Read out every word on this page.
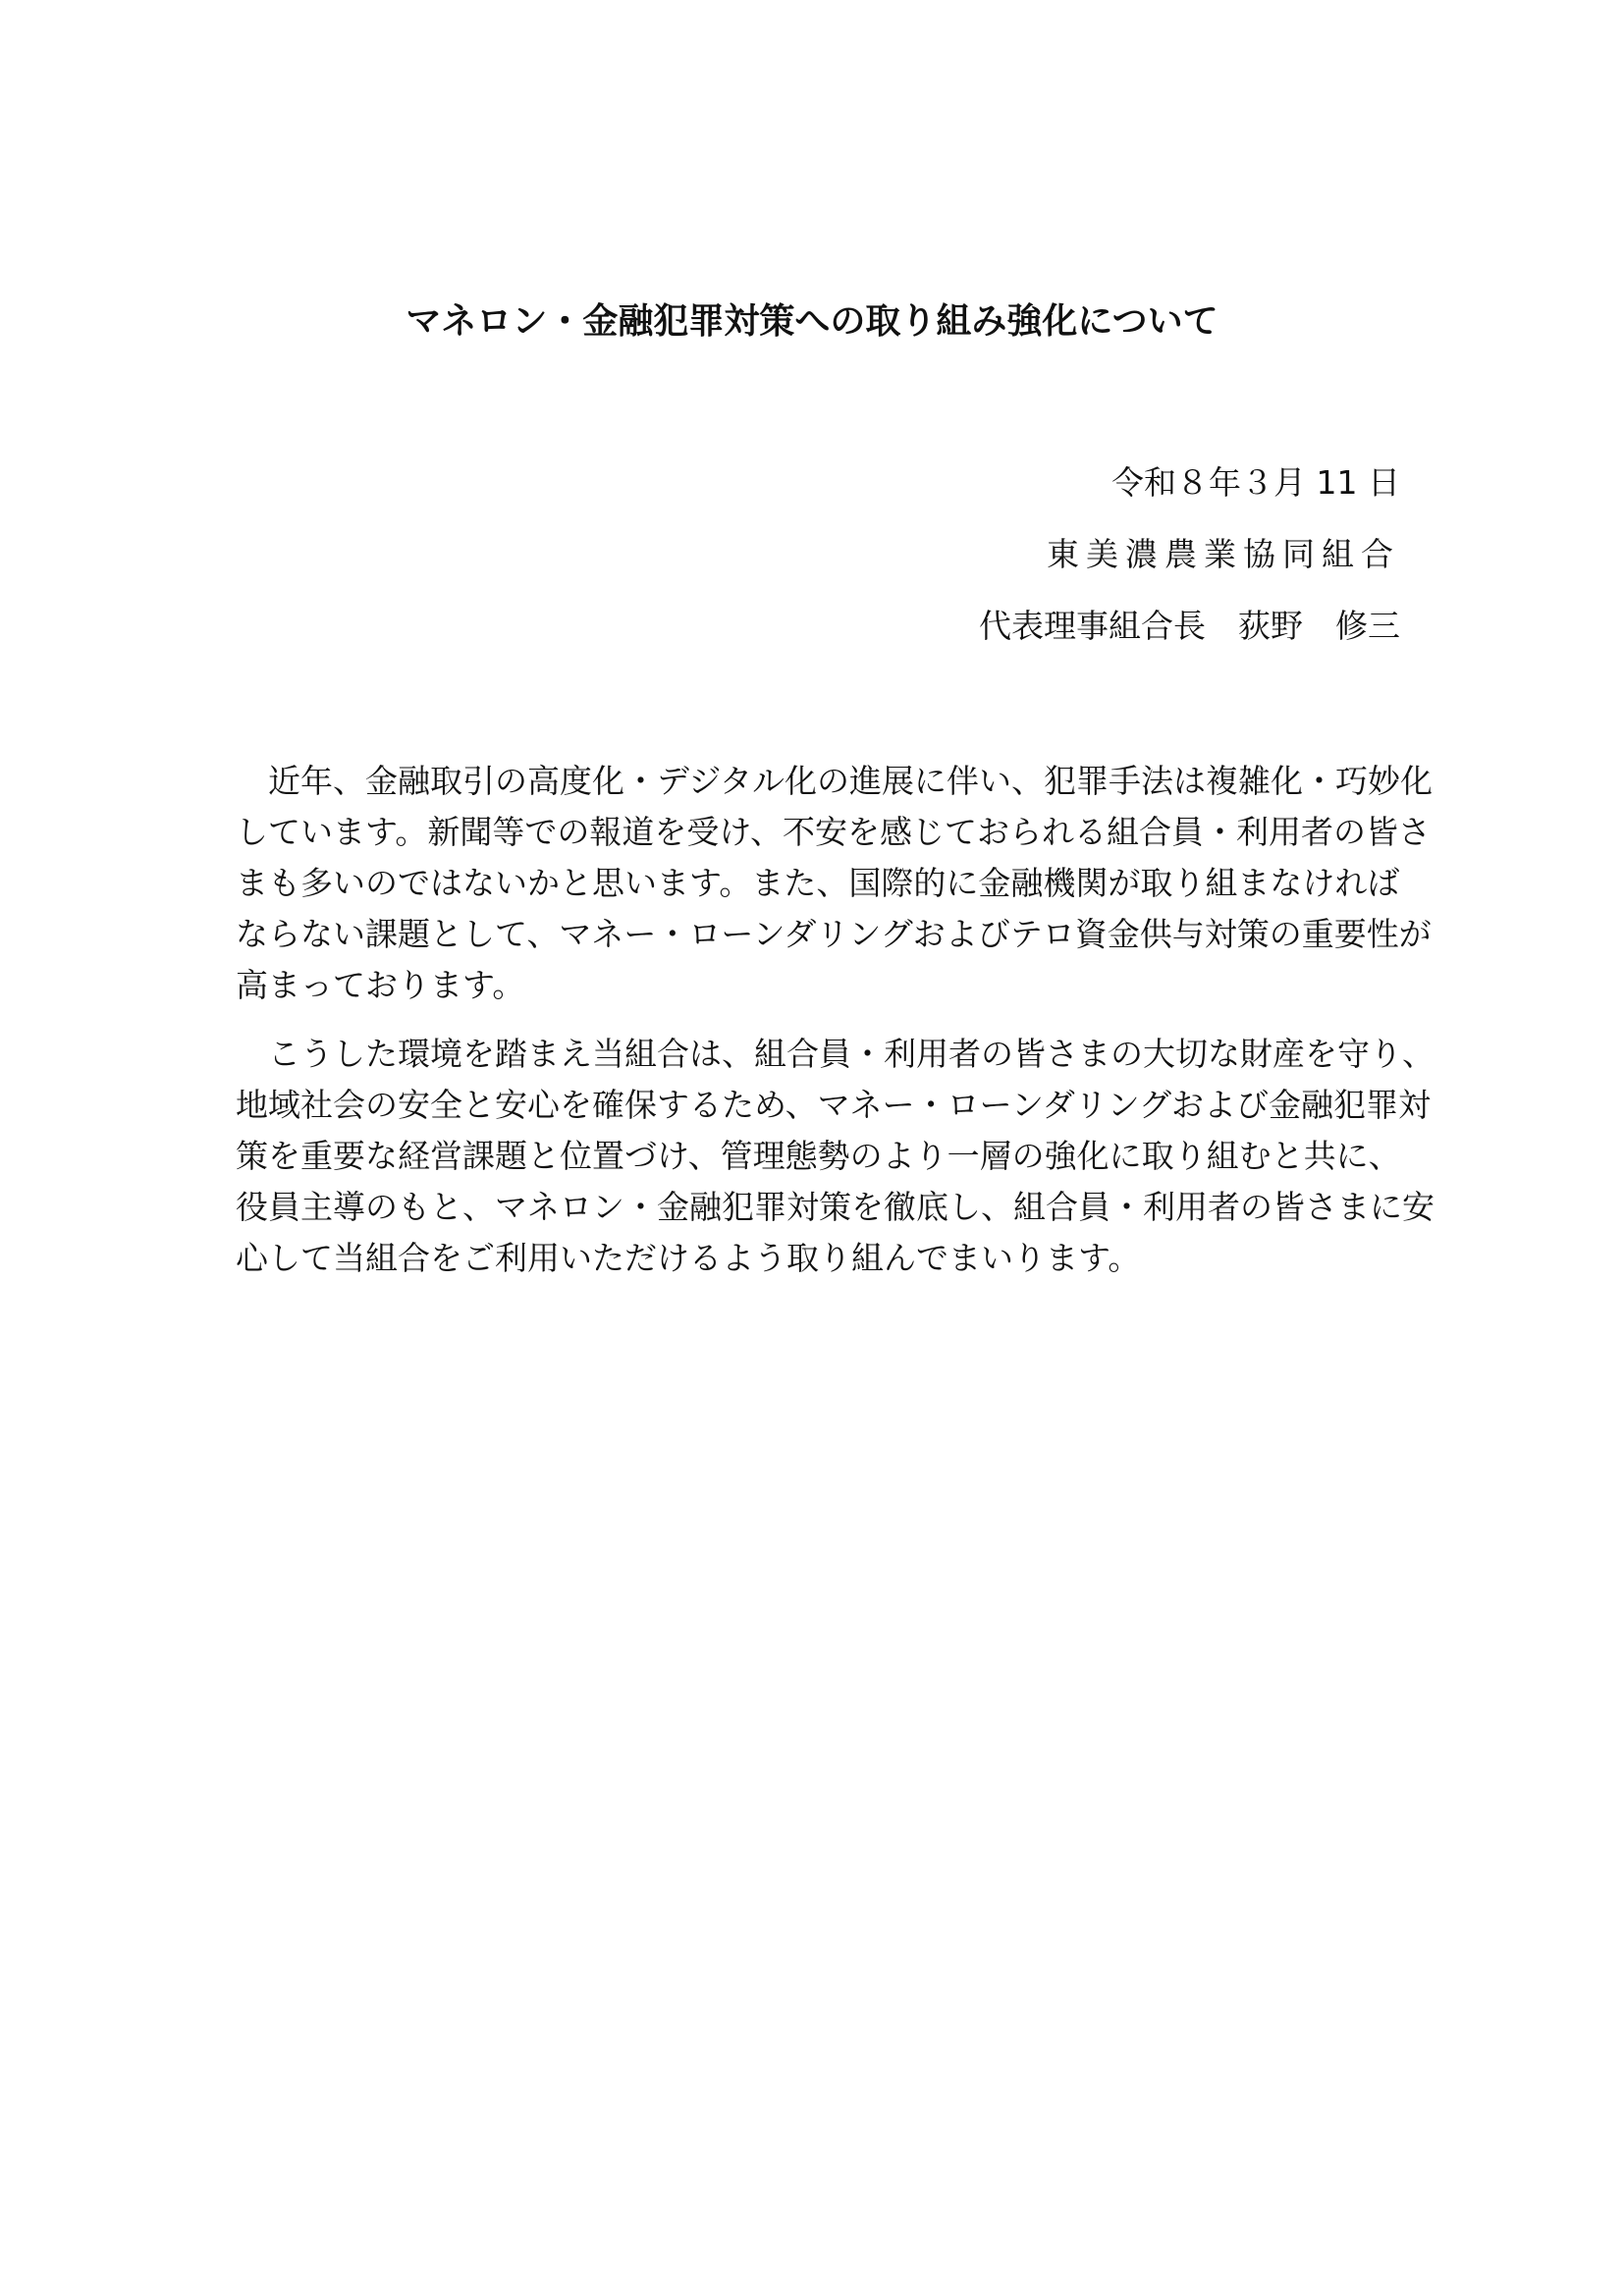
マネロン・金融犯罪対策への取り組み強化について
令和８年３月 11 日
東美濃農業協同組合
代表理事組合長　荻野　修三
　近年、金融取引の高度化・デジタル化の進展に伴い、犯罪手法は複雑化・巧妙化
しています。新聞等での報道を受け、不安を感じておられる組合員・利用者の皆さ
まも多いのではないかと思います。また、国際的に金融機関が取り組まなければ
ならない課題として、マネー・ローンダリングおよびテロ資金供与対策の重要性が
高まっております。
　こうした環境を踏まえ当組合は、組合員・利用者の皆さまの大切な財産を守り、
地域社会の安全と安心を確保するため、マネー・ローンダリングおよび金融犯罪対
策を重要な経営課題と位置づけ、管理態勢のより一層の強化に取り組むと共に、
役員主導のもと、マネロン・金融犯罪対策を徹底し、組合員・利用者の皆さまに安
心して当組合をご利用いただけるよう取り組んでまいります。
